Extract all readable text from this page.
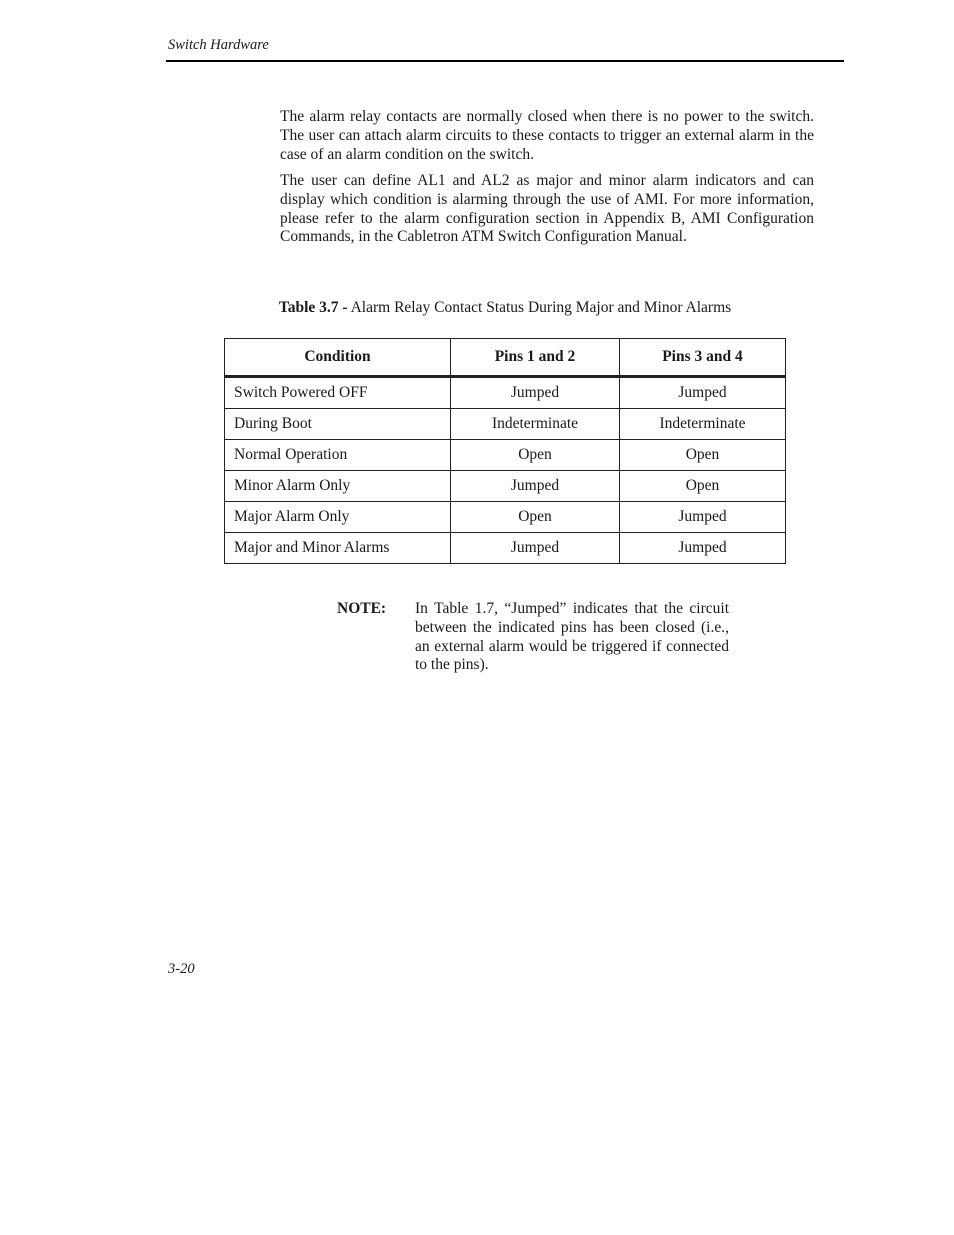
Switch Hardware

The alarm relay contacts are normally closed when there is no power to the switch. The user can attach alarm circuits to these contacts to trigger an external alarm in the case of an alarm condition on the switch.

The user can define AL1 and AL2 as major and minor alarm indicators and can display which condition is alarming through the use of AMI. For more information, please refer to the alarm configuration section in Appendix B, AMI Configuration Commands, in the Cabletron ATM Switch Configuration Manual.

Table 3.7 - Alarm Relay Contact Status During Major and Minor Alarms
Condition	Pins 1 and 2	Pins 3 and 4
Switch Powered OFF	Jumped	Jumped
During Boot	Indeterminate	Indeterminate
Normal Operation	Open	Open
Minor Alarm Only	Jumped	Open
Major Alarm Only	Open	Jumped
Major and Minor Alarms	Jumped	Jumped
NOTE: In Table 1.7, “Jumped” indicates that the circuit between the indicated pins has been closed (i.e., an external alarm would be triggered if connected to the pins).

3-20
